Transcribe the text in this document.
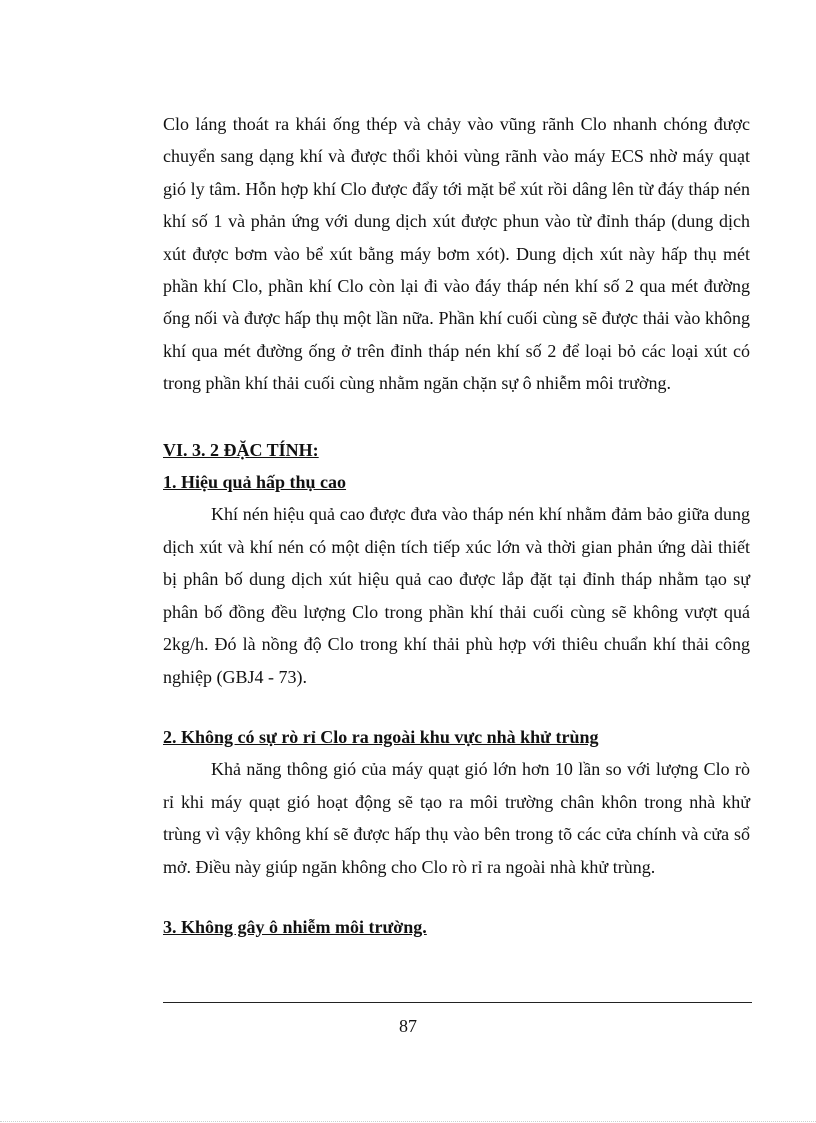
Clo láng thoát ra khái ống thép và chảy vào vũng rãnh Clo nhanh chóng được chuyển sang dạng khí và được thổi khỏi vùng rãnh vào máy ECS nhờ máy quạt gió ly tâm. Hỗn hợp khí Clo được đẩy tới mặt bể xút rồi dâng lên từ đáy tháp nén khí số 1 và phản ứng với dung dịch xút được phun vào từ đỉnh tháp (dung dịch xút được bơm vào bể xút bằng máy bơm xót). Dung dịch xút này hấp thụ mét phần khí Clo, phần khí Clo còn lại đi vào đáy tháp nén khí số 2 qua mét đường ống nối và được hấp thụ một lần nữa. Phần khí cuối cùng sẽ được thải vào không khí qua mét đường ống ở trên đỉnh tháp nén khí số 2 để loại bỏ các loại xút có trong phần khí thải cuối cùng nhằm ngăn chặn sự ô nhiễm môi trường.

VI. 3. 2 ĐẶC TÍNH:

1. Hiệu quả hấp thụ cao

Khí nén hiệu quả cao được đưa vào tháp nén khí nhằm đảm bảo giữa dung dịch xút và khí nén có một diện tích tiếp xúc lớn và thời gian phản ứng dài thiết bị phân bố dung dịch xút hiệu quả cao được lắp đặt tại đỉnh tháp nhằm tạo sự phân bố đồng đều lượng Clo trong phần khí thải cuối cùng sẽ không vượt quá 2kg/h. Đó là nồng độ Clo trong khí thải phù hợp với thiêu chuẩn khí thải công nghiệp (GBJ4 - 73).

2. Không có sự rò rỉ Clo ra ngoài khu vực nhà khử trùng

Khả năng thông gió của máy quạt gió lớn hơn 10 lần so với lượng Clo rò rỉ khi máy quạt gió hoạt động sẽ tạo ra môi trường chân khôn trong nhà khử trùng vì vậy không khí sẽ được hấp thụ vào bên trong tõ các cửa chính và cửa sổ mở. Điều này giúp ngăn không cho Clo rò rỉ ra ngoài nhà khử trùng.

3. Không gây ô nhiễm môi trường.

87
